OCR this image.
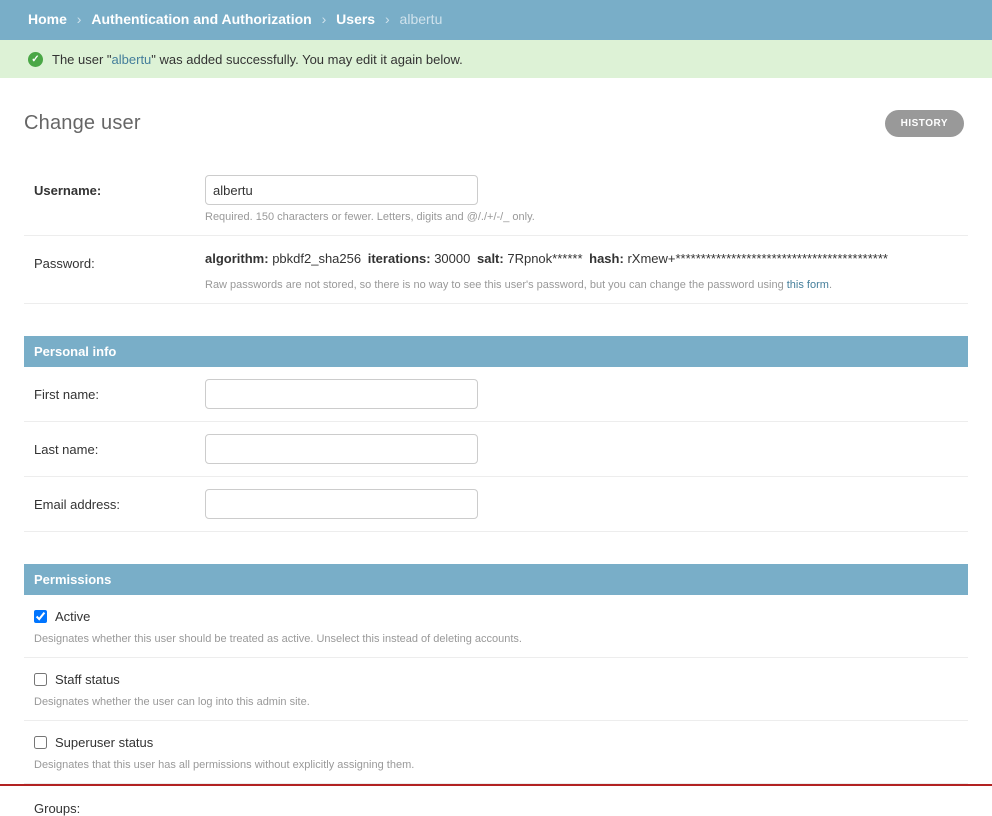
Home › Authentication and Authorization › Users › albertu
✓ The user "albertu" was added successfully. You may edit it again below.
Change user	HISTORY
Username:
albertu
Required. 150 characters or fewer. Letters, digits and @/./+/-/_ only.
Password:	algorithm: pbkdf2_sha256 iterations: 30000 salt: 7Rpnok****** hash: rXmew+******************************************
Raw passwords are not stored, so there is no way to see this user's password, but you can change the password using this form.
Personal info
First name:
Last name:
Email address:
Permissions
Active
Designates whether this user should be treated as active. Unselect this instead of deleting accounts.
Staff status
Designates whether the user can log into this admin site.
Superuser status
Designates that this user has all permissions without explicitly assigning them.
Groups:
